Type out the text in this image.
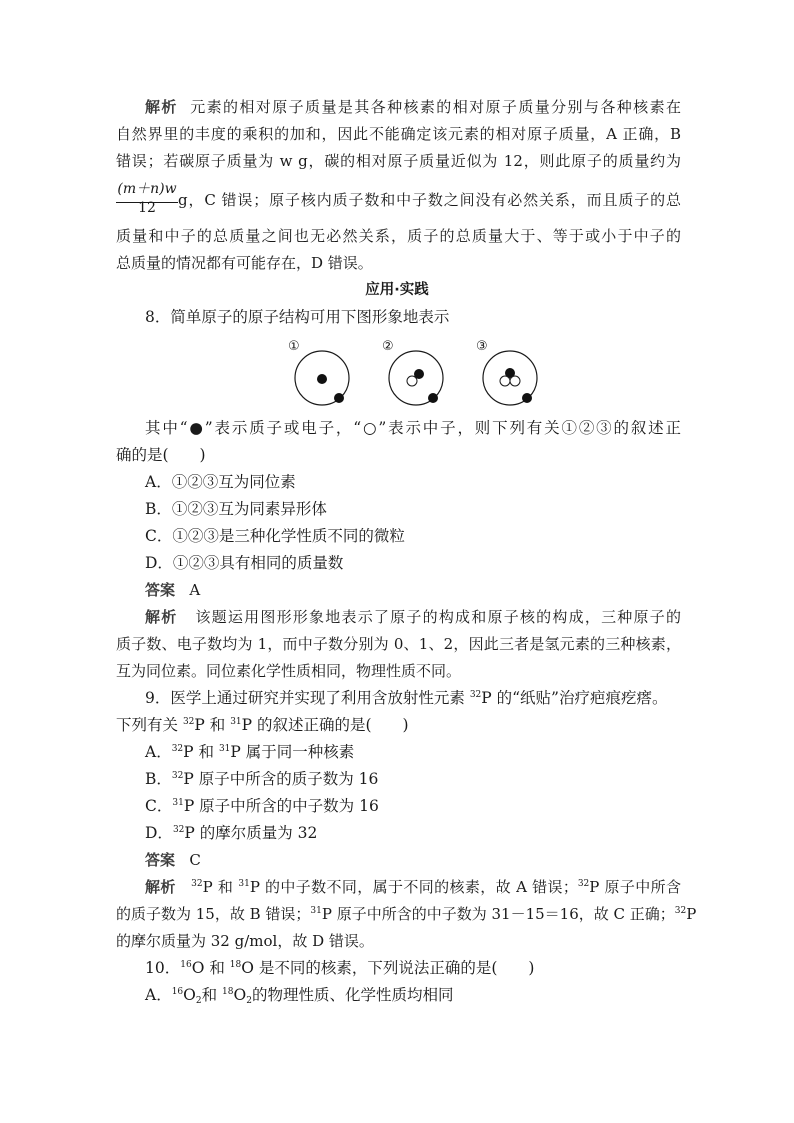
解析 元素的相对原子质量是其各种核素的相对原子质量分别与各种核素在
自然界里的丰度的乘积的加和，因此不能确定该元素的相对原子质量，A 正确，B
错误；若碳原子质量为 w g，碳的相对原子质量近似为 12，则此原子的质量约为
(m＋n)w
12	g，C 错误；原子核内质子数和中子数之间没有必然关系，而且质子的总
质量和中子的总质量之间也无必然关系，质子的总质量大于、等于或小于中子的
总质量的情况都有可能存在，D 错误。
应用·实践
8．简单原子的原子结构可用下图形象地表示
①	②	③
其中“●”表示质子或电子，“○”表示中子，则下列有关①②③的叙述正
确的是(　　)
A．①②③互为同位素
B．①②③互为同素异形体
C．①②③是三种化学性质不同的微粒
D．①②③具有相同的质量数
答案 A
解析 该题运用图形形象地表示了原子的构成和原子核的构成，三种原子的
质子数、电子数均为 1，而中子数分别为 0、1、2，因此三者是氢元素的三种核素，
互为同位素。同位素化学性质相同，物理性质不同。
9．医学上通过研究并实现了利用含放射性元素 $^{32}$P 的“纸贴”治疗疤痕疙瘩。
下列有关 $^{32}$P 和 $^{31}$P 的叙述正确的是(　　)
A．$^{32}$P 和 $^{31}$P 属于同一种核素
B．$^{32}$P 原子中所含的质子数为 16
C．$^{31}$P 原子中所含的中子数为 16
D．$^{32}$P 的摩尔质量为 32
答案 C
解析 $^{32}$P 和 $^{31}$P 的中子数不同，属于不同的核素，故 A 错误；$^{32}$P 原子中所含
的质子数为 15，故 B 错误；$^{31}$P 原子中所含的中子数为 31－15＝16，故 C 正确；$^{32}$P
的摩尔质量为 32 g/mol，故 D 错误。
10．$^{16}$O 和 $^{18}$O 是不同的核素，下列说法正确的是(　　)
A．$^{16}O_2$和 $^{18}O_2$的物理性质、化学性质均相同
